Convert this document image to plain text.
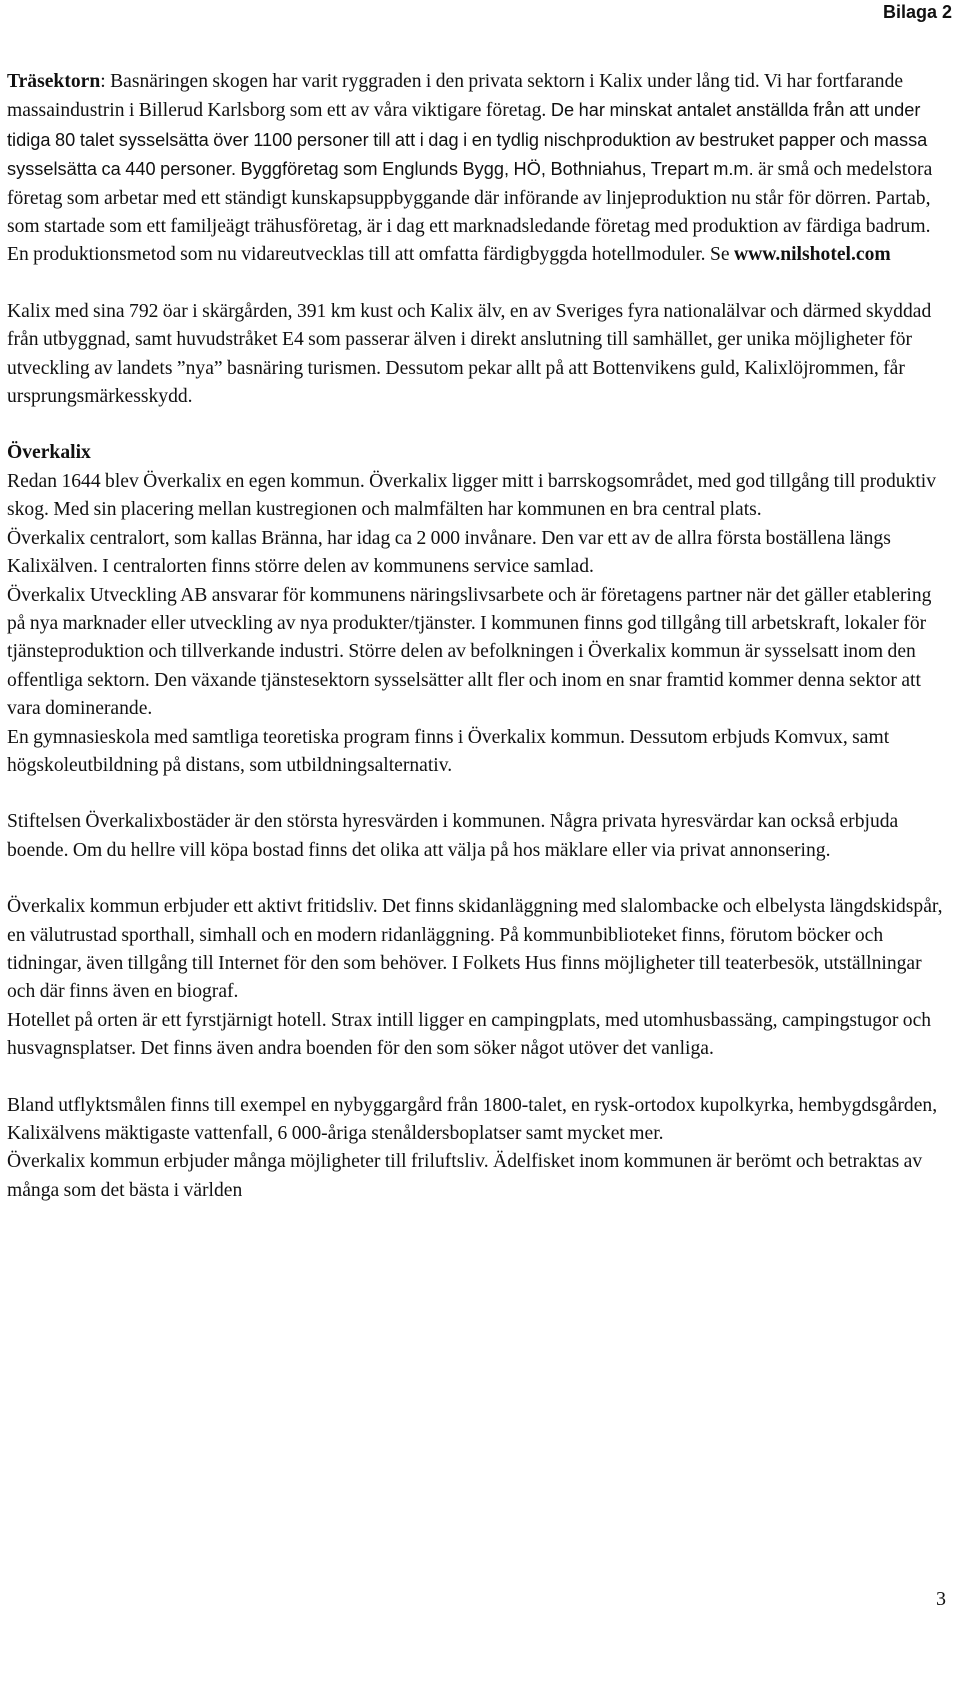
Bilaga 2

Träsektorn: Basnäringen skogen har varit ryggraden i den privata sektorn i Kalix under lång tid. Vi har fortfarande massaindustrin i Billerud Karlsborg som ett av våra viktigare företag. De har minskat antalet anställda från att under tidiga 80 talet sysselsätta över 1100 personer till att i dag i en tydlig nischproduktion av bestruket papper och massa sysselsätta ca 440 personer. Byggföretag som Englunds Bygg, HÖ, Bothniahus, Trepart m.m. är små och medelstora företag som arbetar med ett ständigt kunskapsuppbyggande där införande av linjeproduktion nu står för dörren. Partab, som startade som ett familjeägt trähusföretag, är i dag ett marknadsledande företag med produktion av färdiga badrum. En produktionsmetod som nu vidareutvecklas till att omfatta färdigbyggda hotellmoduler. Se www.nilshotel.com

Kalix med sina 792 öar i skärgården, 391 km kust och Kalix älv, en av Sveriges fyra nationalälvar och därmed skyddad från utbyggnad, samt huvudstråket E4 som passerar älven i direkt anslutning till samhället, ger unika möjligheter för utveckling av landets ”nya” basnäring turismen. Dessutom pekar allt på att Bottenvikens guld, Kalixlöjrommen, får ursprungsmärkesskydd.

Överkalix

Redan 1644 blev Överkalix en egen kommun. Överkalix ligger mitt i barrskogsområdet, med god tillgång till produktiv skog. Med sin placering mellan kustregionen och malmfälten har kommunen en bra central plats.

Överkalix centralort, som kallas Bränna, har idag ca 2 000 invånare. Den var ett av de allra första boställena längs Kalixälven. I centralorten finns större delen av kommunens service samlad.

Överkalix Utveckling AB ansvarar för kommunens näringslivsarbete och är företagens partner när det gäller etablering på nya marknader eller utveckling av nya produkter/tjänster. I kommunen finns god tillgång till arbetskraft, lokaler för tjänsteproduktion och tillverkande industri. Större delen av befolkningen i Överkalix kommun är sysselsatt inom den offentliga sektorn. Den växande tjänstesektorn sysselsätter allt fler och inom en snar framtid kommer denna sektor att vara dominerande.

En gymnasieskola med samtliga teoretiska program finns i Överkalix kommun. Dessutom erbjuds Komvux, samt högskoleutbildning på distans, som utbildningsalternativ.

Stiftelsen Överkalixbostäder är den största hyresvärden i kommunen. Några privata hyresvärdar kan också erbjuda boende. Om du hellre vill köpa bostad finns det olika att välja på hos mäklare eller via privat annonsering.

Överkalix kommun erbjuder ett aktivt fritidsliv. Det finns skidanläggning med slalombacke och elbelysta längdskidspår, en välutrustad sporthall, simhall och en modern ridanläggning. På kommunbiblioteket finns, förutom böcker och tidningar, även tillgång till Internet för den som behöver. I Folkets Hus finns möjligheter till teaterbesök, utställningar och där finns även en biograf.

Hotellet på orten är ett fyrstjärnigt hotell. Strax intill ligger en campingplats, med utomhusbassäng, campingstugor och husvagnsplatser. Det finns även andra boenden för den som söker något utöver det vanliga.

Bland utflyktsmålen finns till exempel en nybyggargård från 1800-talet, en rysk-ortodox kupolkyrka, hembygdsgården, Kalixälvens mäktigaste vattenfall, 6 000-åriga stenåldersboplatser samt mycket mer.

Överkalix kommun erbjuder många möjligheter till friluftsliv. Ädelfisket inom kommunen är berömt och betraktas av många som det bästa i världen

3
